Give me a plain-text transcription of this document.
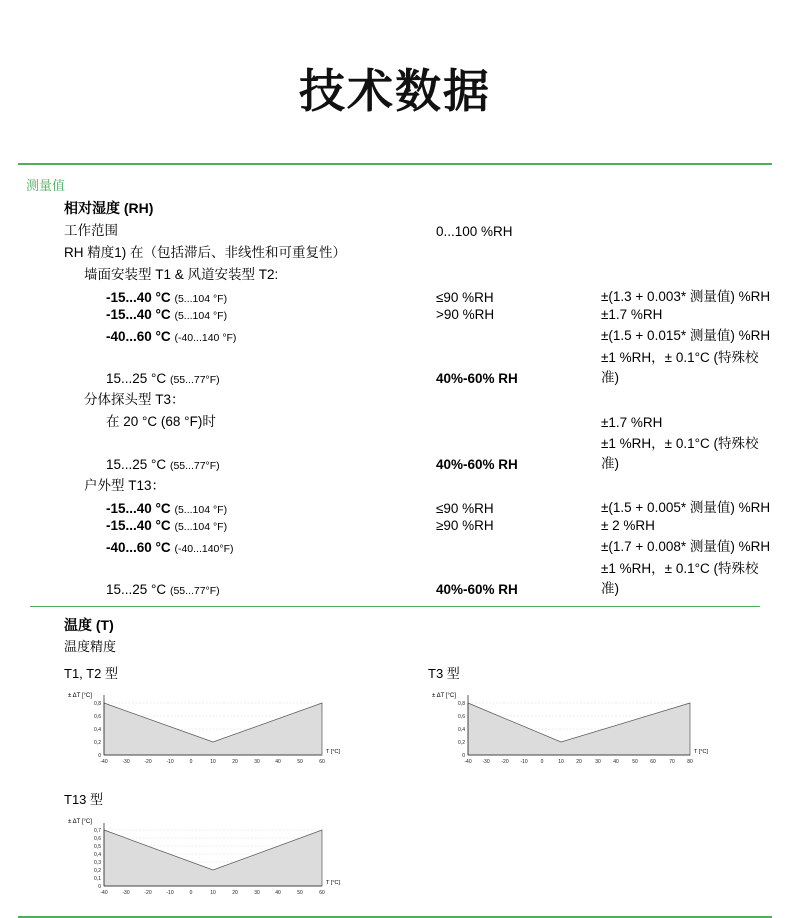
技术数据
测量值
相对湿度 (RH)
工作范围	0...100 %RH	
RH 精度1) 在（包括滞后、非线性和可重复性）		
墙面安装型 T1 & 风道安装型 T2:		
-15...40 °C (5...104 °F)	≤90 %RH	±(1.3 + 0.003* 测量值) %RH
-15...40 °C (5...104 °F)	>90 %RH	±1.7 %RH
-40...60 °C (-40...140 °F)		±(1.5 + 0.015* 测量值) %RH
15...25 °C (55...77°F)	40%-60% RH	±1 %RH，± 0.1°C (特殊校准)
分体探头型 T3：		
在 20 °C (68 °F)时		±1.7 %RH
15...25 °C (55...77°F)	40%-60% RH	±1 %RH，± 0.1°C (特殊校准)
户外型 T13：		
-15...40 °C (5...104 °F)	≤90 %RH	±(1.5 + 0.005* 测量值) %RH
-15...40 °C (5...104 °F)	≥90 %RH	± 2 %RH
-40...60 °C (-40...140°F)		±(1.7 + 0.008* 测量值) %RH
15...25 °C (55...77°F)	40%-60% RH	±1 %RH，± 0.1°C (特殊校准)
温度 (T)
温度精度
T1, T2 型
± ΔT [°C]
0
0,2
0,4
0,6
0,8
-40	-30	-20	-10	0	10	20	30	40	50	60
T [°C]
T3 型
± ΔT [°C]
0
0,2
0,4
0,6
0,8
-40 -30 -20 -10	0	10 20	30 40	50 60	70 80
T [°C]
T13 型
± ΔT [°C]
0
0,1
0,2
0,3
0,4
0,5
0,6
0,7
-40	-30	-20	-10	0	10	20	30	40	50	60
T [°C]
